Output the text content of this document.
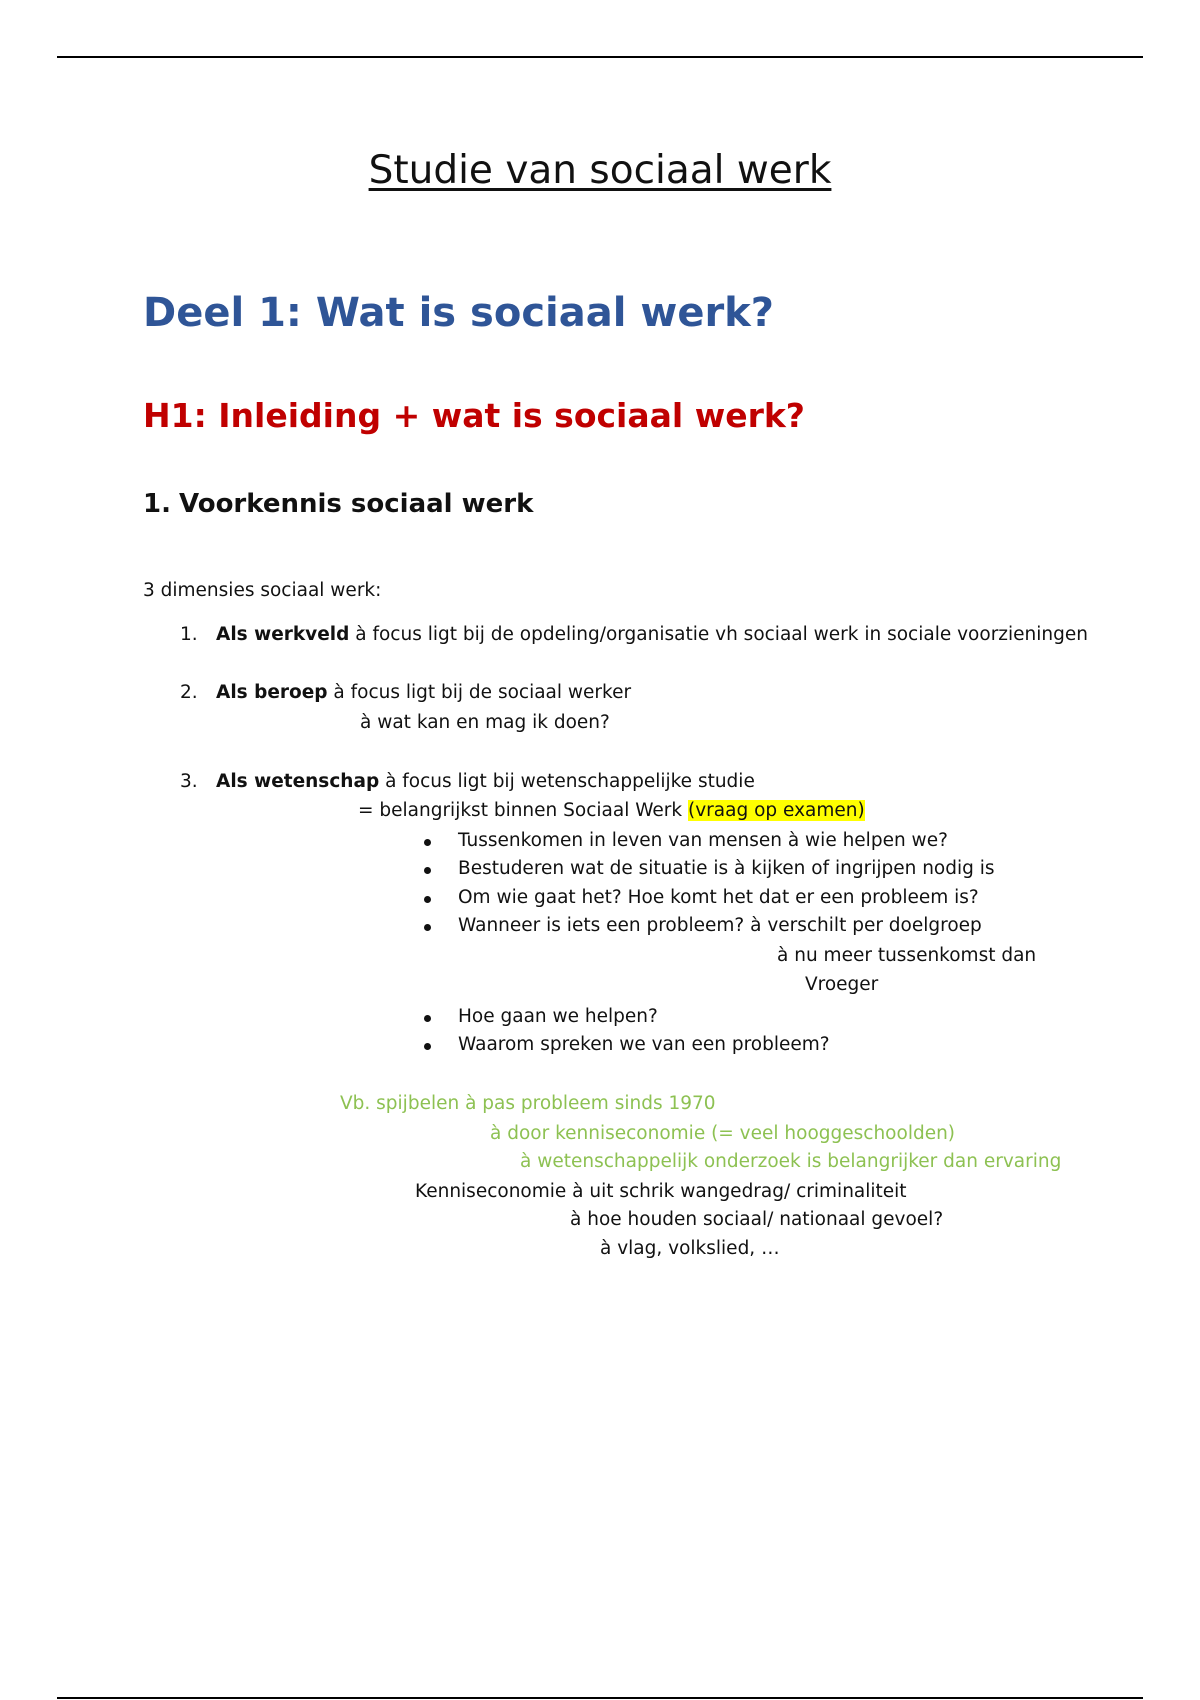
Studie van sociaal werk
Deel 1: Wat is sociaal werk?
H1: Inleiding + wat is sociaal werk?
1. Voorkennis sociaal werk
3 dimensies sociaal werk:
1. Als werkveld à focus ligt bij de opdeling/organisatie vh sociaal werk in sociale voorzieningen
2. Als beroep à focus ligt bij de sociaal werker
à wat kan en mag ik doen?
3. Als wetenschap à focus ligt bij wetenschappelijke studie
= belangrijkst binnen Sociaal Werk (vraag op examen)
Tussenkomen in leven van mensen à wie helpen we?
Bestuderen wat de situatie is à kijken of ingrijpen nodig is
Om wie gaat het? Hoe komt het dat er een probleem is?
Wanneer is iets een probleem? à verschilt per doelgroep
à nu meer tussenkomst dan
Vroeger
Hoe gaan we helpen?
Waarom spreken we van een probleem?
Vb. spijbelen à pas probleem sinds 1970
à door kenniseconomie (= veel hooggeschoolden)
à wetenschappelijk onderzoek is belangrijker dan ervaring
Kenniseconomie à uit schrik wangedrag/ criminaliteit
à hoe houden sociaal/ nationaal gevoel?
à vlag, volkslied, …
